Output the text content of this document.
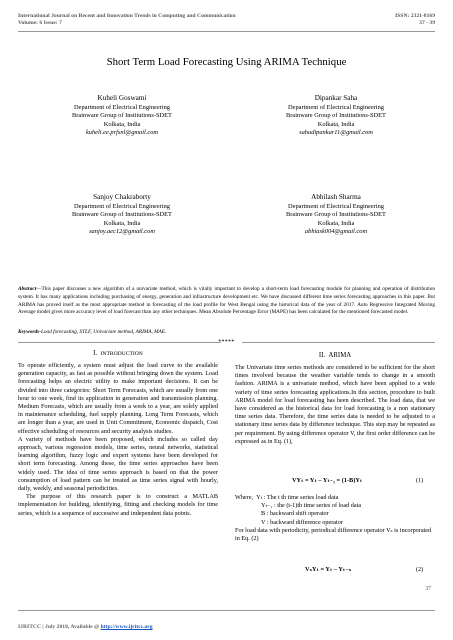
International Journal on Recent and Innovation Trends in Computing and Communication	ISSN: 2321-8169
Volume: 6 Issue: 7	37 - 39
Short Term Load Forecasting Using ARIMA Technique
Kuheli Goswami
Department of Electrical Engineering
Brainware Group of Institutions-SDET
Kolkata, India
kuheli.ee.prfsnl@gmail.com
Dipankar Saha
Department of Electrical Engineering
Brainware Group of Institutions-SDET
Kolkata, India
sahadipankar11@gmail.com
Sanjoy Chakraborty
Department of Electrical Engineering
Brainware Group of Institutions-SDET
Kolkata, India
sanjoy.aec12@gmail.com
Abhilash Sharma
Department of Electrical Engineering
Brainware Group of Institutions-SDET
Kolkata, India
abhiask004@gmail.com
Abstract—This paper discusses a new algorithm of a univariate method, which is vitally important to develop a short-term load forecasting module for planning and operation of distribution system. It has many applications including purchasing of energy, generation and infrastructure development etc. We have discussed different time series forecasting approaches in this paper. But ARIMA has proved itself as the most appropriate method in forecasting of the load profile for West Bengal using the historical data of the year of 2017. Auto Regressive Integrated Moving Average model gives more accuracy level of load forecast than any other techniques. Mean Absolute Percentage Error (MAPE) has been calculated for the mentioned forecasted model.
Keywords-Load forecasting, STLF, Univariate method, ARIMA, MAE.
*****
I. INTRODUCTION

To operate efficiently, a system must adjust the load curve to the available generation capacity, as fast as possible without bringing down the system. Load forecasting helps an electric utility to make important decisions. It can be divided into three categories: Short Term Forecasts, which are usually from one hour to one week, find its application in generation and transmission planning. Medium Forecasts, which are usually from a week to a year, are solely applied in maintenance scheduling, fuel supply planning. Long Term Forecasts, which are longer than a year, are used in Unit Commitment, Economic dispatch, Cost effective scheduling of resources and security analysis studies.

A variety of methods have been proposed, which includes so called day approach, various regression models, time series, neural networks, statistical learning algorithm, fuzzy logic and expert systems have been developed for short term forecasting. Among these, the time series approaches have been widely used. The idea of time series approach is based on that the power consumption of load pattern can be treated as time series signal with hourly, daily, weekly, and seasonal periodicities.

The purpose of this research paper is to construct a MATLAB implementation for building, identifying, fitting and checking models for time series, which is a sequence of successive and independent data points.

II. ARIMA

The Univariate time series methods are considered to be sufficient for the short times involved because the weather variable tends to change in a smooth fashion. ARIMA is a univariate method, which have been applied to a wide variety of time series forecasting applications.In this section, procedure to built ARIMA model for load forecasting has been described. The load data, that we have considered as the historical data for load forecasting is a non stationary time series data. Therefore, the time series data is needed to be adjusted to a stationary time series data by difference technique. This step may be repeated as per requirement. By using difference operator V, the first order difference can be expressed as in Eq. (1),

VYₜ = Yₜ – Yₜ₋₁ = (1-B)Yₜ	(1)
Where, Yₜ : The t th time series load data
Yₜ₋₁ : the (t-1)th time series of load data
B : backward shift operator
V : backward difference operator
For load data with periodicity, periodical difference operator Vₛ is incorporated in Eq. (2)
VₛYₜ = Yₜ – Yₜ₋ₛ	(2)
37
IJRITCC | July 2018, Available @ http://www.ijritcc.org
